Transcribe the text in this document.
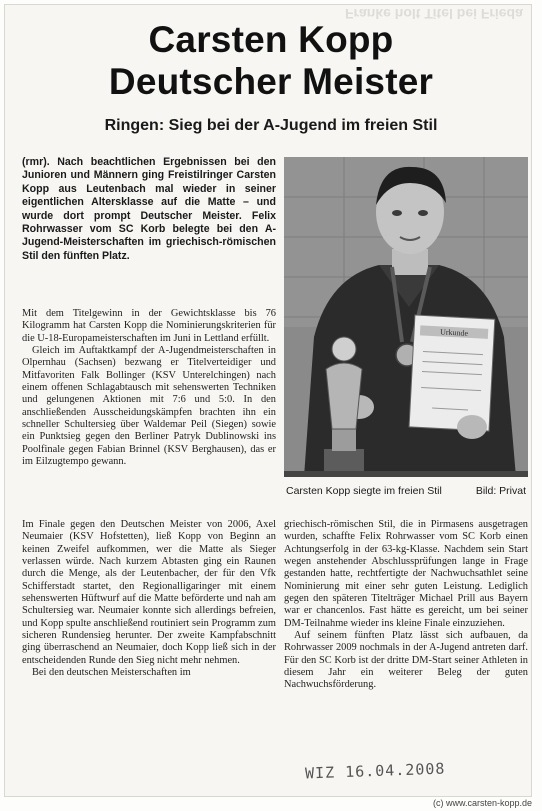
Franke holt Titel bei Frieda
Carsten Kopp
Deutscher Meister
Ringen: Sieg bei der A-Jugend im freien Stil
(rmr). Nach beachtlichen Ergebnissen bei den Junioren und Männern ging Freistilringer Carsten Kopp aus Leutenbach mal wieder in seiner eigentlichen Altersklasse auf die Matte – und wurde dort prompt Deutscher Meister. Felix Rohrwasser vom SC Korb belegte bei den A-Jugend-Meisterschaften im griechisch-römischen Stil den fünften Platz.

Mit dem Titelgewinn in der Gewichtsklasse bis 76 Kilogramm hat Carsten Kopp die Nominierungskriterien für die U-18-Europameisterschaften im Juni in Lettland erfüllt.

Gleich im Auftaktkampf der A-Jugendmeisterschaften in Olpernhau (Sachsen) bezwang er Titelverteidiger und Mitfavoriten Falk Bollinger (KSV Unterelchingen) nach einem offenen Schlagabtausch mit sehenswerten Techniken und gelungenen Aktionen mit 7:6 und 5:0. In den anschließenden Ausscheidungskämpfen brachten ihn ein schneller Schultersieg über Waldemar Peil (Siegen) sowie ein Punktsieg gegen den Berliner Patryk Dublinowski ins Poolfinale gegen Fabian Brinnel (KSV Berghausen), das er im Eilzugtempo gewann.

Im Finale gegen den Deutschen Meister von 2006, Axel Neumaier (KSV Hofstetten), ließ Kopp von Beginn an keinen Zweifel aufkommen, wer die Matte als Sieger verlassen würde. Nach kurzem Abtasten ging ein Raunen durch die Menge, als der Leutenbacher, der für den Vfk Schifferstadt startet, den Regionalligaringer mit einem sehenswerten Hüftwurf auf die Matte beförderte und nah am Schultersieg war. Neumaier konnte sich allerdings befreien, und Kopp spulte anschließend routiniert sein Programm zum sicheren Rundensieg herunter. Der zweite Kampfabschnitt ging überraschend an Neumaier, doch Kopp ließ sich in der entscheidenden Runde den Sieg nicht mehr nehmen.

Bei den deutschen Meisterschaften im

griechisch-römischen Stil, die in Pirmasens ausgetragen wurden, schaffte Felix Rohrwasser vom SC Korb einen Achtungserfolg in der 63-kg-Klasse. Nachdem sein Start wegen anstehender Abschlussprüfungen lange in Frage gestanden hatte, rechtfertigte der Nachwuchsathlet seine Nominierung mit einer sehr guten Leistung. Lediglich gegen den späteren Titelträger Michael Prill aus Bayern war er chancenlos. Fast hätte es gereicht, um bei seiner DM-Teilnahme wieder ins kleine Finale einzuziehen.

Auf seinem fünften Platz lässt sich aufbauen, da Rohrwasser 2009 nochmals in der A-Jugend antreten darf. Für den SC Korb ist der dritte DM-Start seiner Athleten in diesem Jahr ein weiterer Beleg der guten Nachwuchsförderung.

Urkunde
Carsten Kopp siegte im freien Stil	Bild: Privat
WIZ 16.04.2008
(c) www.carsten-kopp.de
